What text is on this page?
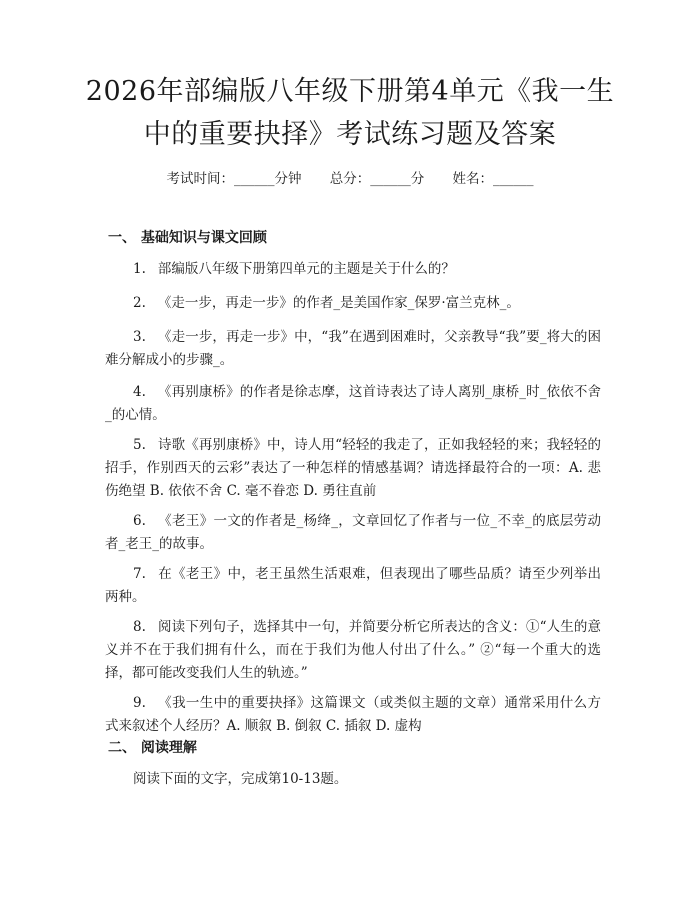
2026年部编版八年级下册第4单元《我一生
中的重要抉择》考试练习题及答案
考试时间：______分钟 总分：______分 姓名：______
一、 基础知识与课文回顾
1. 部编版八年级下册第四单元的主题是关于什么的？
2. 《走一步，再走一步》的作者_是美国作家_保罗·富兰克林_。
3. 《走一步，再走一步》中，“我”在遇到困难时，父亲教导“我”要_将大的困难分解成小的步骤_。
4. 《再别康桥》的作者是徐志摩，这首诗表达了诗人离别_康桥_时_依依不舍_的心情。
5. 诗歌《再别康桥》中，诗人用“轻轻的我走了，正如我轻轻的来；我轻轻的招手，作别西天的云彩”表达了一种怎样的情感基调？请选择最符合的一项：A. 悲伤绝望 B. 依依不舍 C. 毫不眷恋 D. 勇往直前
6. 《老王》一文的作者是_杨绛_，文章回忆了作者与一位_不幸_的底层劳动者_老王_的故事。
7. 在《老王》中，老王虽然生活艰难，但表现出了哪些品质？请至少列举出两种。
8. 阅读下列句子，选择其中一句，并简要分析它所表达的含义：①“人生的意义并不在于我们拥有什么，而在于我们为他人付出了什么。” ②“每一个重大的选择，都可能改变我们人生的轨迹。”
9. 《我一生中的重要抉择》这篇课文（或类似主题的文章）通常采用什么方式来叙述个人经历？A. 顺叙 B. 倒叙 C. 插叙 D. 虚构
二、 阅读理解
阅读下面的文字，完成第10-13题。
